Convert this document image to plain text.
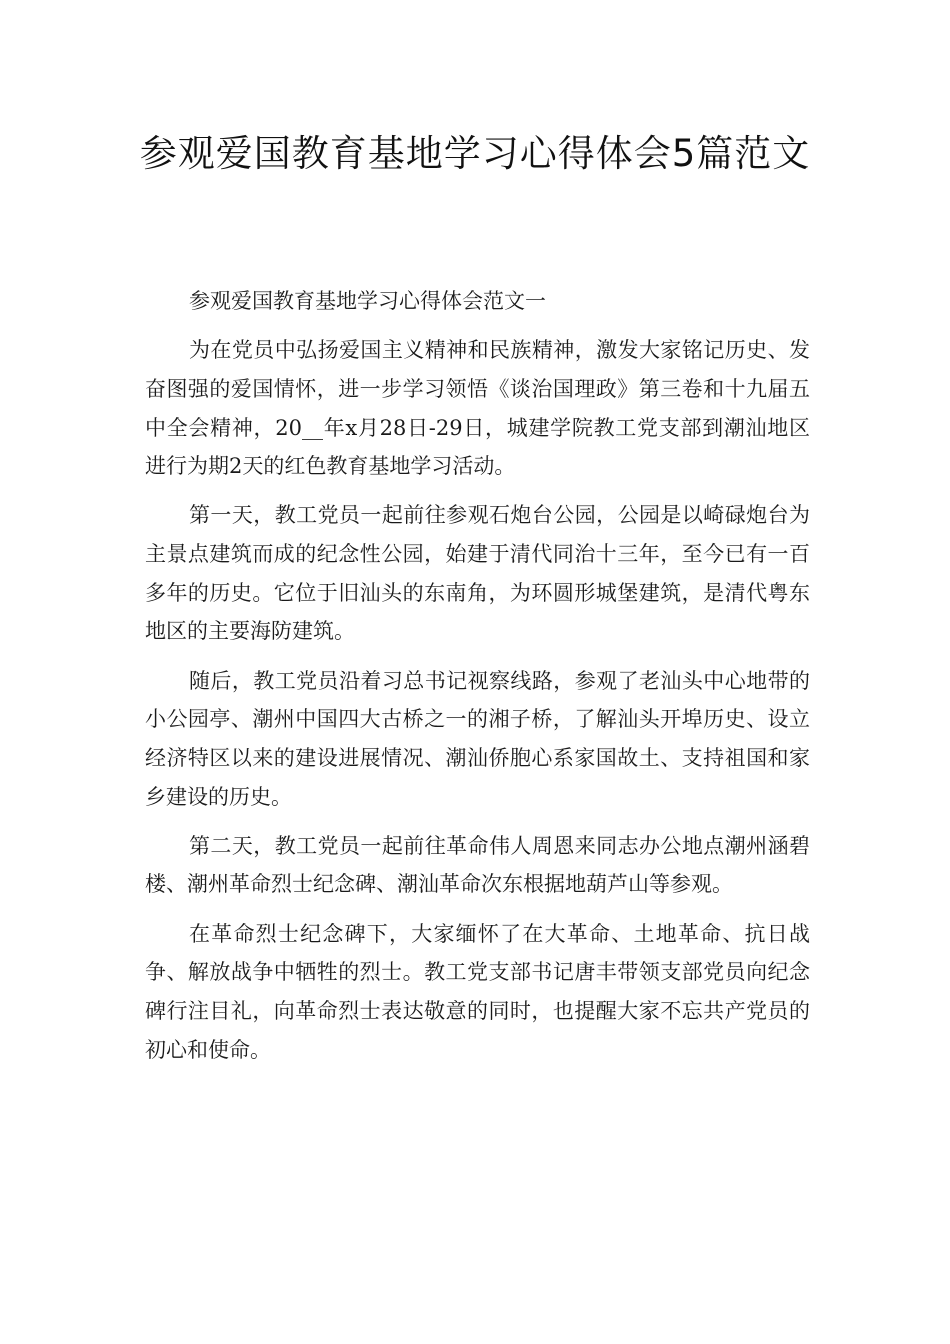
参观爱国教育基地学习心得体会5篇范文

参观爱国教育基地学习心得体会范文一

为在党员中弘扬爱国主义精神和民族精神，激发大家铭记历史、发奋图强的爱国情怀，进一步学习领悟《谈治国理政》第三卷和十九届五中全会精神，20__年x月28日-29日，城建学院教工党支部到潮汕地区进行为期2天的红色教育基地学习活动。

第一天，教工党员一起前往参观石炮台公园，公园是以崎碌炮台为主景点建筑而成的纪念性公园，始建于清代同治十三年，至今已有一百多年的历史。它位于旧汕头的东南角，为环圆形城堡建筑，是清代粤东地区的主要海防建筑。

随后，教工党员沿着习总书记视察线路，参观了老汕头中心地带的小公园亭、潮州中国四大古桥之一的湘子桥，了解汕头开埠历史、设立经济特区以来的建设进展情况、潮汕侨胞心系家国故土、支持祖国和家乡建设的历史。

第二天，教工党员一起前往革命伟人周恩来同志办公地点潮州涵碧楼、潮州革命烈士纪念碑、潮汕革命次东根据地葫芦山等参观。

在革命烈士纪念碑下，大家缅怀了在大革命、土地革命、抗日战争、解放战争中牺牲的烈士。教工党支部书记唐丰带领支部党员向纪念碑行注目礼，向革命烈士表达敬意的同时，也提醒大家不忘共产党员的初心和使命。
